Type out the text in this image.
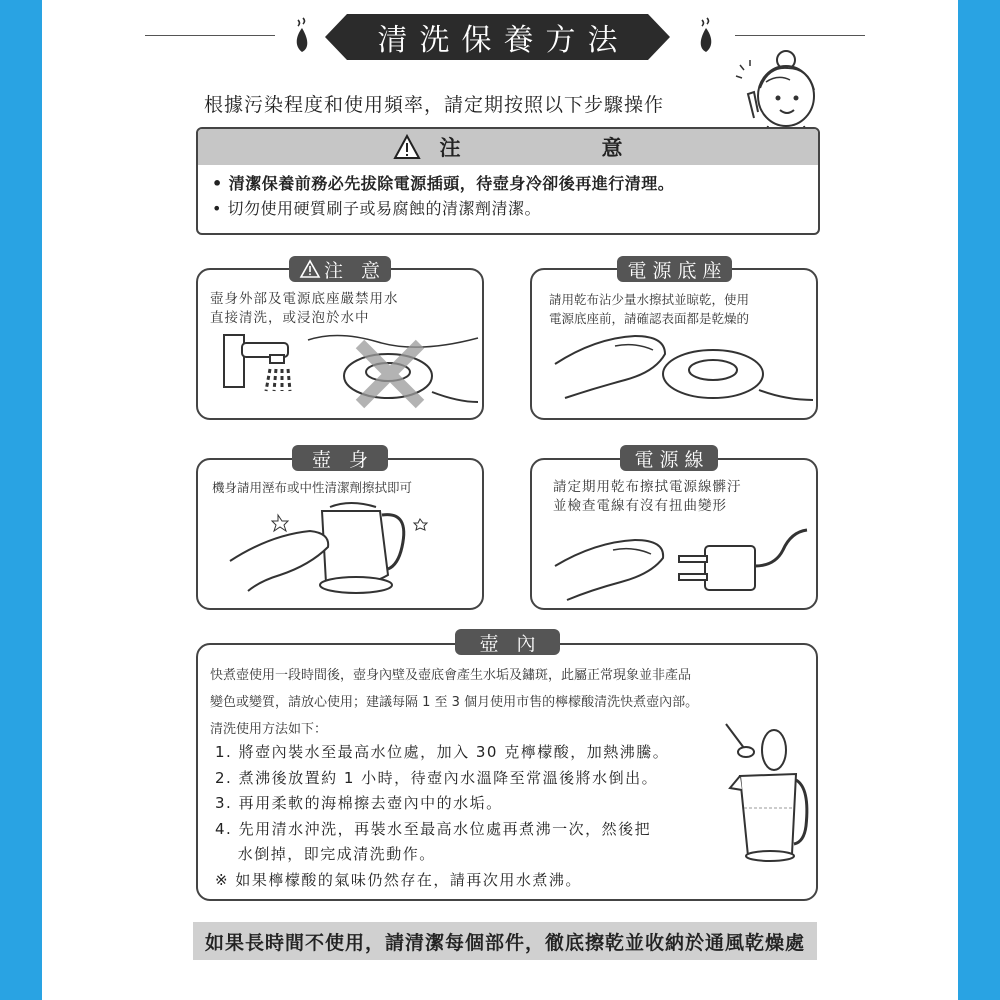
清洗保養方法
根據污染程度和使用頻率，請定期按照以下步驟操作
注　意
• 清潔保養前務必先拔除電源插頭，待壺身冷卻後再進行清理。
• 切勿使用硬質刷子或易腐蝕的清潔劑清潔。
注 意
壺身外部及電源底座嚴禁用水
直接清洗，或浸泡於水中
電源底座
請用乾布沾少量水擦拭並晾乾，使用
電源底座前，請確認表面都是乾燥的
壺 身
機身請用溼布或中性清潔劑擦拭即可
電源線
請定期用乾布擦拭電源線髒汙
並檢查電線有沒有扭曲變形
壺 內
快煮壺使用一段時間後，壺身內壁及壺底會產生水垢及鏽斑，此屬正常現象並非產品
變色或變質，請放心使用；建議每隔 1 至 3 個月使用市售的檸檬酸清洗快煮壺內部。
清洗使用方法如下：
1. 將壺內裝水至最高水位處，加入 30 克檸檬酸，加熱沸騰。
2. 煮沸後放置約 1 小時，待壺內水溫降至常溫後將水倒出。
3. 再用柔軟的海棉擦去壺內中的水垢。
4. 先用清水沖洗，再裝水至最高水位處再煮沸一次，然後把
　 水倒掉，即完成清洗動作。
※ 如果檸檬酸的氣味仍然存在，請再次用水煮沸。
如果長時間不使用，請清潔每個部件，徹底擦乾並收納於通風乾燥處
